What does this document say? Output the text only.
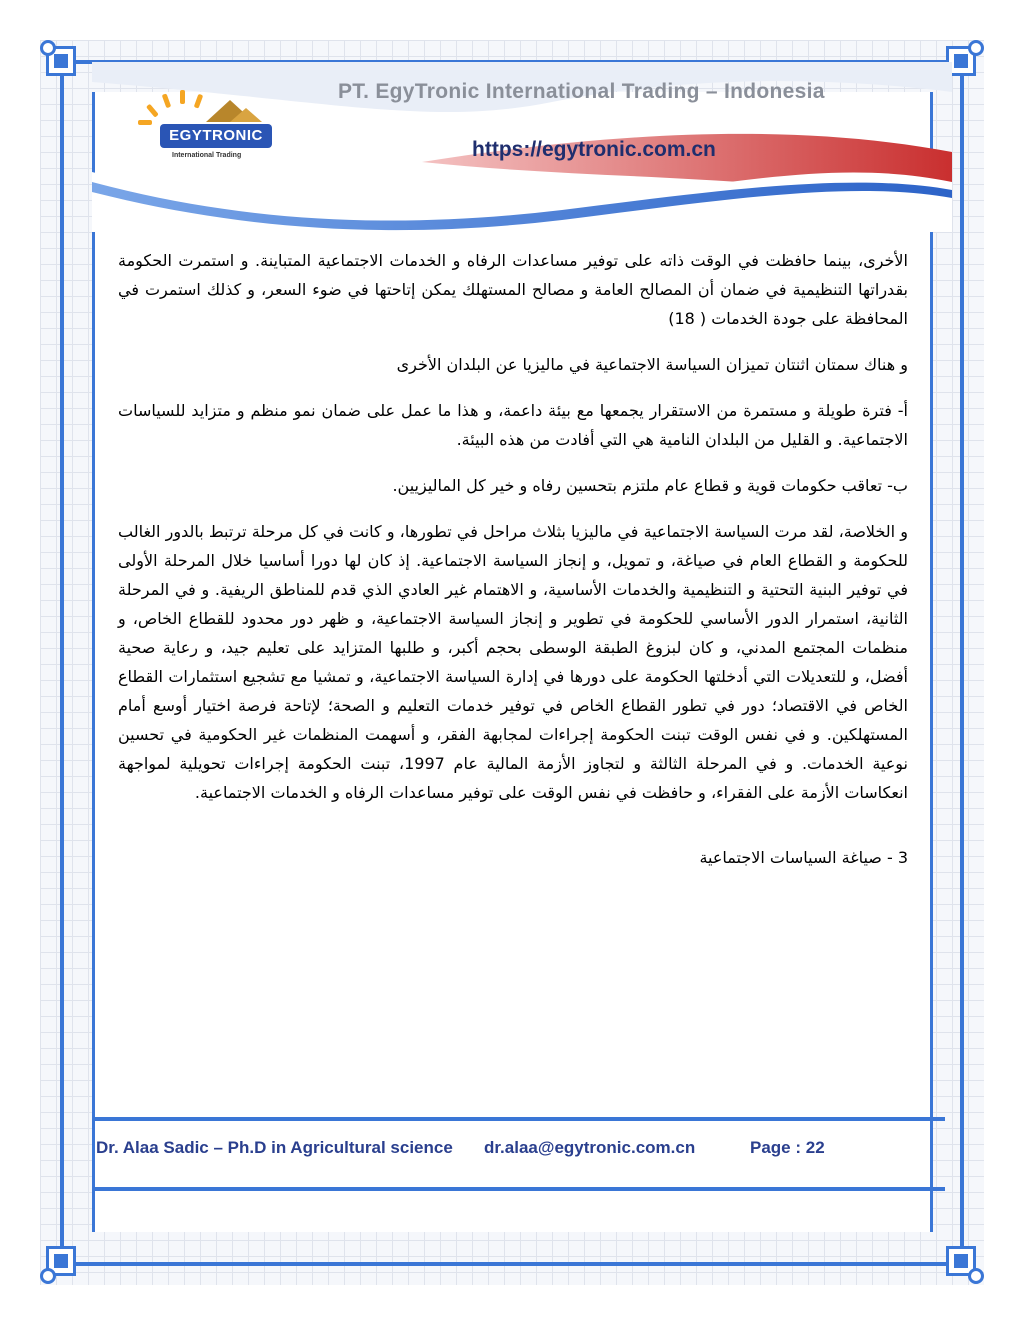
PT. EgyTronic International Trading – Indonesia
https://egytronic.com.cn
EGYTRONIC
International Trading

الأخرى، بينما حافظت في الوقت ذاته على توفير مساعدات الرفاه و الخدمات الاجتماعية المتباينة. و استمرت الحكومة بقدراتها التنظيمية في ضمان أن المصالح العامة و مصالح المستهلك يمكن إتاحتها في ضوء السعر، و كذلك استمرت في المحافظة على جودة الخدمات ( 18)

و هناك سمتان اثنتان تميزان السياسة الاجتماعية في ماليزيا عن البلدان الأخرى

أ- فترة طويلة و مستمرة من الاستقرار يجمعها مع بيئة داعمة، و هذا ما عمل على ضمان نمو منظم و متزايد للسياسات الاجتماعية. و القليل من البلدان النامية هي التي أفادت من هذه البيئة.

ب- تعاقب حكومات قوية و قطاع عام ملتزم بتحسين رفاه و خير كل الماليزيين.

و الخلاصة، لقد مرت السياسة الاجتماعية في ماليزيا بثلاث مراحل في تطورها، و كانت في كل مرحلة ترتبط بالدور الغالب للحكومة و القطاع العام في صياغة، و تمويل، و إنجاز السياسة الاجتماعية. إذ كان لها دورا أساسيا خلال المرحلة الأولى في توفير البنية التحتية و التنظيمية والخدمات الأساسية، و الاهتمام غير العادي الذي قدم للمناطق الريفية. و في المرحلة الثانية، استمرار الدور الأساسي للحكومة في تطوير و إنجاز السياسة الاجتماعية، و ظهر دور محدود للقطاع الخاص، و منظمات المجتمع المدني، و كان لبزوغ الطبقة الوسطى بحجم أكبر، و طلبها المتزايد على تعليم جيد، و رعاية صحية أفضل، و للتعديلات التي أدخلتها الحكومة على دورها في إدارة السياسة الاجتماعية، و تمشيا مع تشجيع استثمارات القطاع الخاص في الاقتصاد؛ دور في تطور القطاع الخاص في توفير خدمات التعليم و الصحة؛ لإتاحة فرصة اختيار أوسع أمام المستهلكين. و في نفس الوقت تبنت الحكومة إجراءات لمجابهة الفقر، و أسهمت المنظمات غير الحكومية في تحسين نوعية الخدمات. و في المرحلة الثالثة و لتجاوز الأزمة المالية عام 1997، تبنت الحكومة إجراءات تحويلية لمواجهة انعكاسات الأزمة على الفقراء، و حافظت في نفس الوقت على توفير مساعدات الرفاه و الخدمات الاجتماعية.

3 - صياغة السياسات الاجتماعية

Dr. Alaa Sadic – Ph.D in Agricultural science dr.alaa@egytronic.com.cn	Page : 22
